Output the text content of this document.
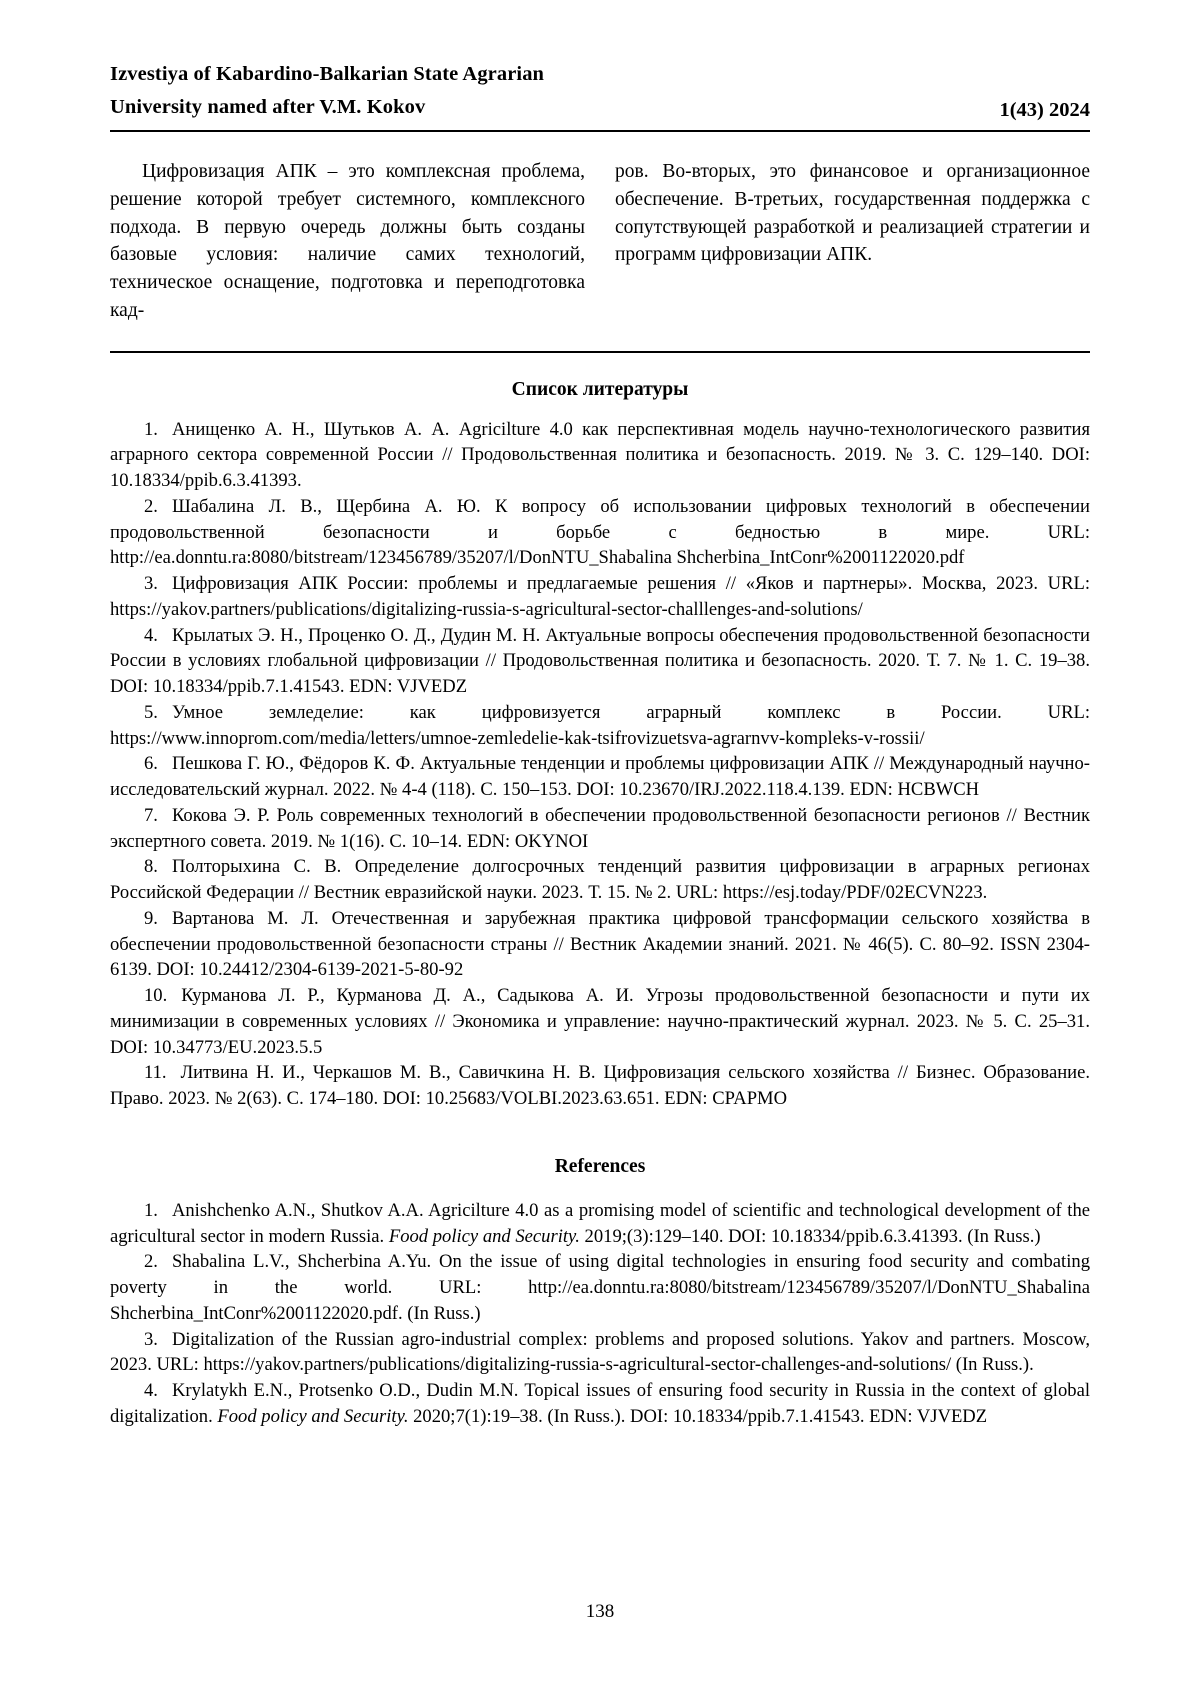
Izvestiya of Kabardino-Balkarian State Agrarian
University named after V.M. Kokov	1(43) 2024

Цифровизация АПК – это комплексная проблема, решение которой требует системного, комплексного подхода. В первую очередь должны быть созданы базовые условия: наличие самих технологий, техническое оснащение, подготовка и переподготовка кад-

ров. Во-вторых, это финансовое и организационное обеспечение. В-третьих, государственная поддержка с сопутствующей разработкой и реализацией стратегии и программ цифровизации АПК.

Список литературы

1. Анищенко А. Н., Шутьков А. А. Agricilture 4.0 как перспективная модель научно-технологического развития аграрного сектора современной России // Продовольственная политика и безопасность. 2019. № 3. С. 129–140. DOI: 10.18334/ppib.6.3.41393.

2. Шабалина Л. В., Щербина А. Ю. К вопросу об использовании цифровых технологий в обеспечении продовольственной безопасности и борьбе с бедностью в мире. URL: http://ea.donntu.ra:8080/bitstream/123456789/35207/l/DonNTU_Shabalina Shcherbina_IntConr%2001122020.pdf

3. Цифровизация АПК России: проблемы и предлагаемые решения // «Яков и партнеры». Москва, 2023. URL: https://yakov.partners/publications/digitalizing-russia-s-agricultural-sector-challlenges-and-solutions/

4. Крылатых Э. Н., Проценко О. Д., Дудин М. Н. Актуальные вопросы обеспечения продовольственной безопасности России в условиях глобальной цифровизации // Продовольственная политика и безопасность. 2020. Т. 7. № 1. С. 19–38. DOI: 10.18334/ppib.7.1.41543. EDN: VJVEDZ

5. Умное земледелие: как цифровизуется аграрный комплекс в России. URL: https://www.innoprom.com/media/letters/umnoe-zemledelie-kak-tsifrovizuetsva-agrarnvv-kompleks-v-rossii/

6. Пешкова Г. Ю., Фёдоров К. Ф. Актуальные тенденции и проблемы цифровизации АПК // Международный научно-исследовательский журнал. 2022. № 4-4 (118). С. 150–153. DOI: 10.23670/IRJ.2022.118.4.139. EDN: HCBWCH

7. Кокова Э. Р. Роль современных технологий в обеспечении продовольственной безопасности регионов // Вестник экспертного совета. 2019. № 1(16). С. 10–14. EDN: OKYNOI

8. Полторыхина С. В. Определение долгосрочных тенденций развития цифровизации в аграрных регионах Российской Федерации // Вестник евразийской науки. 2023. Т. 15. № 2. URL: https://esj.today/PDF/02ECVN223.

9. Вартанова М. Л. Отечественная и зарубежная практика цифровой трансформации сельского хозяйства в обеспечении продовольственной безопасности страны // Вестник Академии знаний. 2021. № 46(5). С. 80–92. ISSN 2304-6139. DOI: 10.24412/2304-6139-2021-5-80-92

10. Курманова Л. Р., Курманова Д. А., Садыкова А. И. Угрозы продовольственной безопасности и пути их минимизации в современных условиях // Экономика и управление: научно-практический журнал. 2023. № 5. С. 25–31. DOI: 10.34773/EU.2023.5.5

11. Литвина Н. И., Черкашов М. В., Савичкина Н. В. Цифровизация сельского хозяйства // Бизнес. Образование. Право. 2023. № 2(63). С. 174–180. DOI: 10.25683/VOLBI.2023.63.651. EDN: CPAPMO

References

1. Anishchenko A.N., Shutkov A.A. Agricilture 4.0 as a promising model of scientific and technological development of the agricultural sector in modern Russia. Food policy and Security. 2019;(3):129–140. DOI: 10.18334/ppib.6.3.41393. (In Russ.)

2. Shabalina L.V., Shcherbina A.Yu. On the issue of using digital technologies in ensuring food security and combating poverty in the world. URL: http://ea.donntu.ra:8080/bitstream/123456789/35207/l/DonNTU_Shabalina Shcherbina_IntConr%2001122020.pdf. (In Russ.)

3. Digitalization of the Russian agro-industrial complex: problems and proposed solutions. Yakov and partners. Moscow, 2023. URL: https://yakov.partners/publications/digitalizing-russia-s-agricultural-sector-challenges-and-solutions/ (In Russ.).

4. Krylatykh E.N., Protsenko O.D., Dudin M.N. Topical issues of ensuring food security in Russia in the context of global digitalization. Food policy and Security. 2020;7(1):19–38. (In Russ.). DOI: 10.18334/ppib.7.1.41543. EDN: VJVEDZ

138
